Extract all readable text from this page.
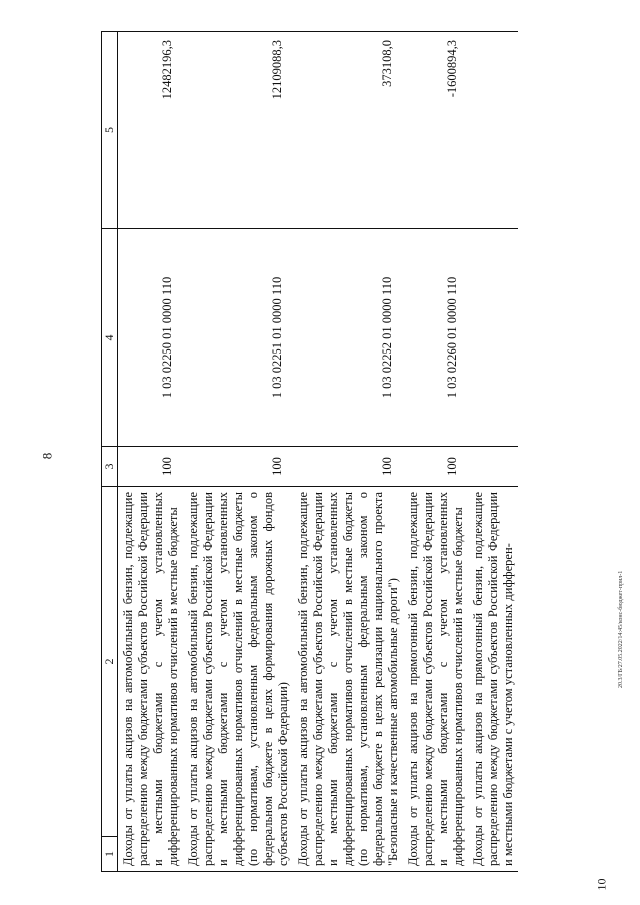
8
1	2	3	4	5
Доходы от уплаты акцизов на автомобильный бензин, подлежащие распределению между бюджетами субъектов Российской Федерации и местными бюджетами с учетом установленных дифференцированных нормативов отчислений в местные бюджеты		100	1 03 02250 01 0000 110	12482196,3
Доходы от уплаты акцизов на автомобильный бензин, подлежащие распределению между бюджетами субъектов Российской Федерации и местными бюджетами с учетом установленных дифференцированных нормативов отчислений в местные бюджеты (по нормативам, установленным федеральным законом о федеральном бюджете в целях формирования дорожных фондов субъектов Российской Федерации)		100	1 03 02251 01 0000 110	12109088,3
Доходы от уплаты акцизов на автомобильный бензин, подлежащие распределению между бюджетами субъектов Российской Федерации и местными бюджетами с учетом установленных дифференцированных нормативов отчислений в местные бюджеты (по нормативам, установленным федеральным законом о федеральном бюджете в целях реализации национального проекта "Безопасные и качественные автомобильные дороги")		100	1 03 02252 01 0000 110	373108,0
Доходы от уплаты акцизов на прямогонный бензин, подлежащие распределению между бюджетами субъектов Российской Федерации и местными бюджетами с учетом установленных дифференцированных нормативов отчислений в местные бюджеты		100	1 03 02260 01 0000 110	-1600894,3
Доходы от уплаты акцизов на прямогонный бензин, подлежащие распределению между бюджетами субъектов Российской Федерации и местными бюджетами с учетом установленных дифферен-				
10
20.3/ГБ/27.05.2022/14:45/конс-бюджет-прил-1
